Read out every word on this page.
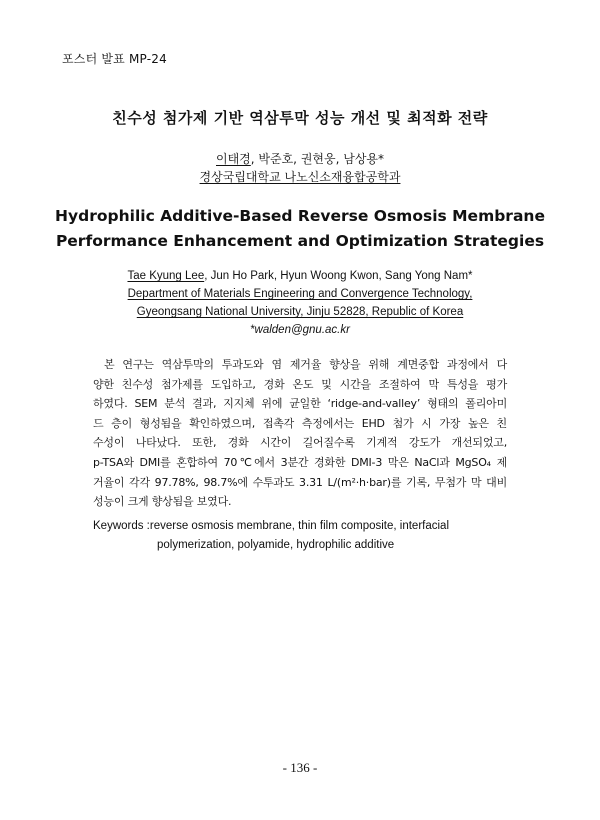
포스터 발표 MP-24
친수성 첨가제 기반 역삼투막 성능 개선 및 최적화 전략
이태경, 박준호, 권현웅, 남상용*
경상국립대학교 나노신소재융합공학과
Hydrophilic Additive-Based Reverse Osmosis Membrane
Performance Enhancement and Optimization Strategies
Tae Kyung Lee, Jun Ho Park, Hyun Woong Kwon, Sang Yong Nam*
Department of Materials Engineering and Convergence Technology,
Gyeongsang National University, Jinju 52828, Republic of Korea
*walden@gnu.ac.kr
본 연구는 역삼투막의 투과도와 염 제거율 향상을 위해 계면중합 과정에서 다
양한 친수성 첨가제를 도입하고, 경화 온도 및 시간을 조절하여 막 특성을 평가
하였다. SEM 분석 결과, 지지체 위에 균일한 ‘ridge-and-valley’ 형태의 폴리아미
드 층이 형성됨을 확인하였으며, 접촉각 측정에서는 EHD 첨가 시 가장 높은 친
수성이 나타났다. 또한, 경화 시간이 길어질수록 기계적 강도가 개선되었고,
p-TSA와 DMI를 혼합하여 70℃에서 3분간 경화한 DMI-3 막은 NaCl과 MgSO₄ 제
거율이 각각 97.78%, 98.7%에 수투과도 3.31 L/(m²·h·bar)를 기록, 무첨가 막 대비
성능이 크게 향상됨을 보였다.
Keywords :reverse osmosis membrane, thin film composite, interfacial
polymerization, polyamide, hydrophilic additive
- 136 -
